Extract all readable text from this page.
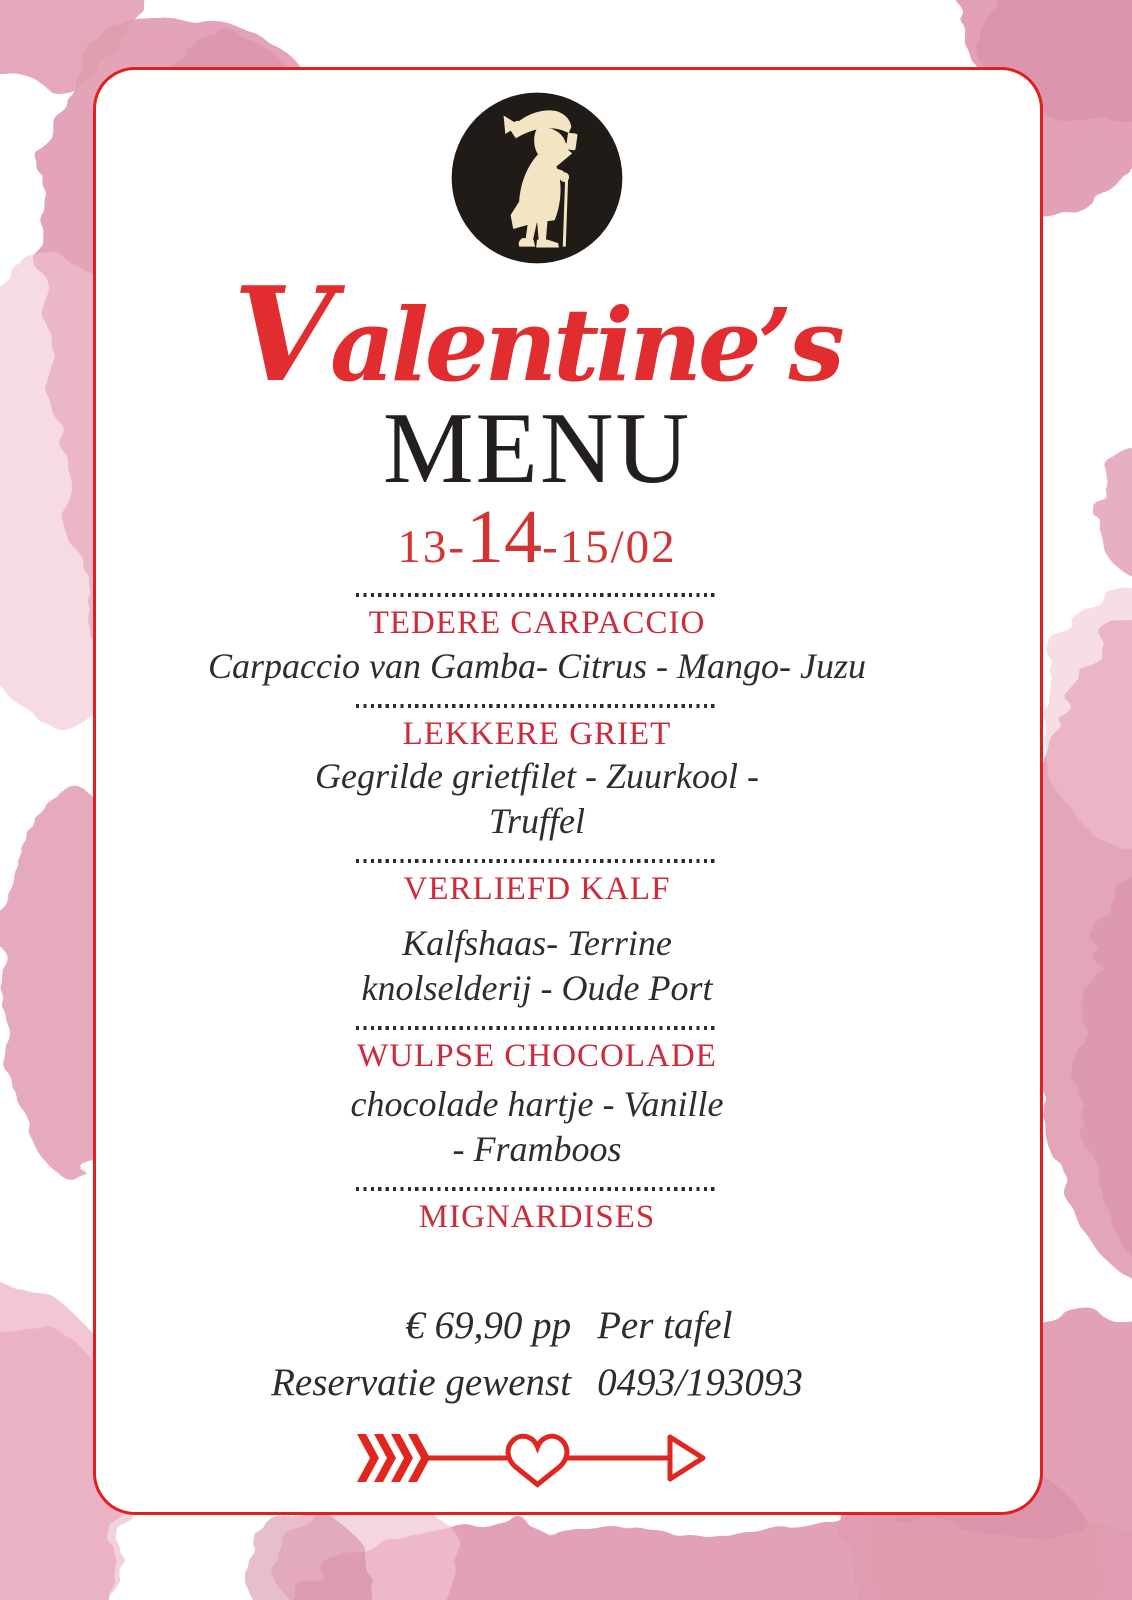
Valentine’s
MENU
13- 14 -15/02
TEDERE CARPACCIO
Carpaccio van Gamba- Citrus - Mango- Juzu
LEKKERE GRIET
Gegrilde grietfilet - Zuurkool -
Truffel
VERLIEFD KALF
Kalfshaas- Terrine
knolselderij - Oude Port
WULPSE CHOCOLADE
chocolade hartje - Vanille
- Framboos
MIGNARDISES
€ 69,90 pp Per tafel
Reservatie gewenst 0493/193093
